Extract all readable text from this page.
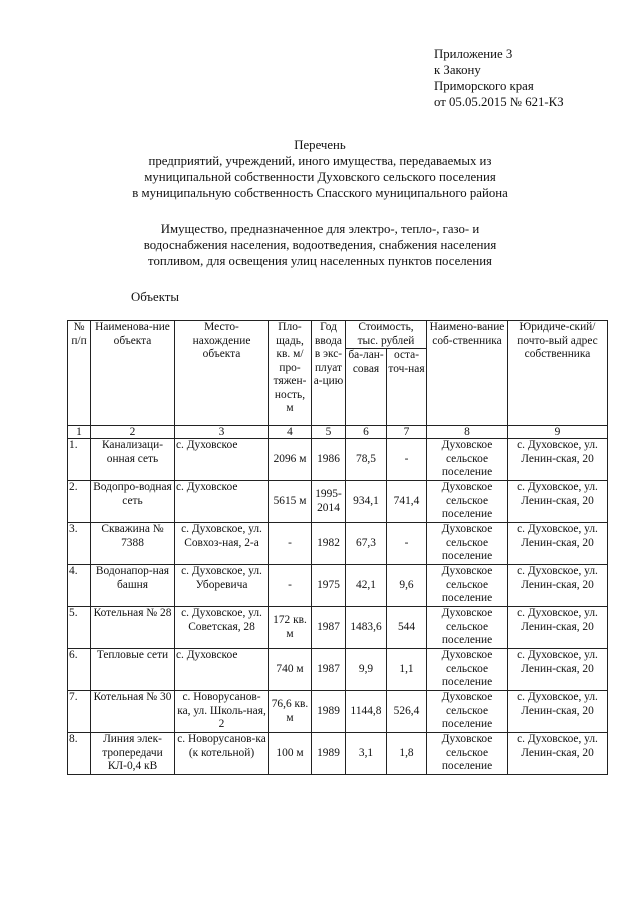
Приложение 3
к Закону
Приморского края
от 05.05.2015 № 621-КЗ
Перечень
предприятий, учреждений, иного имущества, передаваемых из
муниципальной собственности Духовского сельского поселения
в муниципальную собственность Спасского муниципального района
Имущество, предназначенное для электро-, тепло-, газо- и
водоснабжения населения, водоотведения, снабжения населения
топливом, для освещения улиц населенных пунктов поселения
Объекты
№ п/п	Наименова-ние объекта	Место-нахождение объекта	Пло-щадь, кв. м/ про-тяжен-ность, м	Год ввода в экс-плуата-цию	Стоимость, тыс. рублей		Наимено-вание соб-ственника	Юридиче-ский/почто-вый адрес собственника
					ба-лан-совая	оста-точ-ная		
1	2	3	4	5	6	7	8	9
1.	Канализаци-онная сеть	с. Духовское	2096 м	1986	78,5	-	Духовское сельское поселение	с. Духовское, ул. Ленин-ская, 20
2.	Водопро-водная сеть	с. Духовское	5615 м	1995-2014	934,1	741,4	Духовское сельское поселение	с. Духовское, ул. Ленин-ская, 20
3.	Скважина № 7388	с. Духовское, ул. Совхоз-ная, 2-а	-	1982	67,3	-	Духовское сельское поселение	с. Духовское, ул. Ленин-ская, 20
4.	Водонапор-ная башня	с. Духовское, ул. Уборевича	-	1975	42,1	9,6	Духовское сельское поселение	с. Духовское, ул. Ленин-ская, 20
5.	Котельная № 28	с. Духовское, ул. Советская, 28	172 кв. м	1987	1483,6	544	Духовское сельское поселение	с. Духовское, ул. Ленин-ская, 20
6.	Тепловые сети	с. Духовское	740 м	1987	9,9	1,1	Духовское сельское поселение	с. Духовское, ул. Ленин-ская, 20
7.	Котельная № 30	с. Новорусанов-ка, ул. Школь-ная, 2	76,6 кв. м	1989	1144,8	526,4	Духовское сельское поселение	с. Духовское, ул. Ленин-ская, 20
8.	Линия элек-тропередачи КЛ-0,4 кВ	с. Новорусанов-ка (к котельной)	100 м	1989	3,1	1,8	Духовское сельское поселение	с. Духовское, ул. Ленин-ская, 20
